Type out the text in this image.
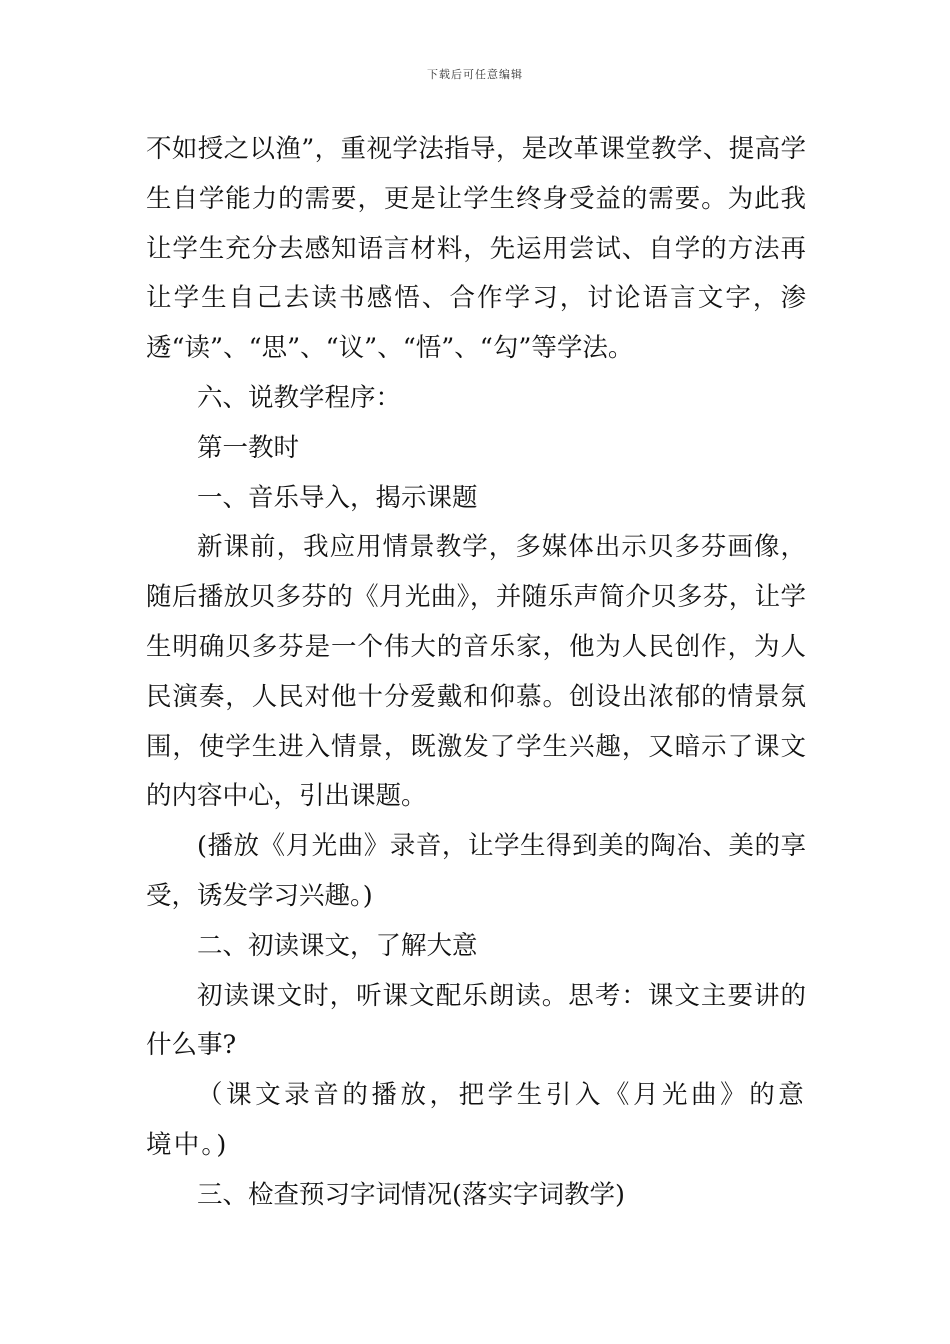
下载后可任意编辑

不如授之以渔”，重视学法指导，是改革课堂教学、提高学生自学能力的需要，更是让学生终身受益的需要。为此我让学生充分去感知语言材料，先运用尝试、自学的方法再让学生自己去读书感悟、合作学习，讨论语言文字，渗透“读”、“思”、“议”、“悟”、“勾”等学法。

六、说教学程序：

第一教时

一、音乐导入，揭示课题

新课前，我应用情景教学，多媒体出示贝多芬画像，随后播放贝多芬的《月光曲》，并随乐声简介贝多芬，让学生明确贝多芬是一个伟大的音乐家，他为人民创作，为人民演奏，人民对他十分爱戴和仰慕。创设出浓郁的情景氛围，使学生进入情景，既激发了学生兴趣，又暗示了课文的内容中心，引出课题。

(播放《月光曲》录音，让学生得到美的陶冶、美的享受，诱发学习兴趣。)

二、初读课文，了解大意

初读课文时，听课文配乐朗读。思考：课文主要讲的什么事?

（课文录音的播放，把学生引入《月光曲》的意境中。)

三、检查预习字词情况(落实字词教学)
